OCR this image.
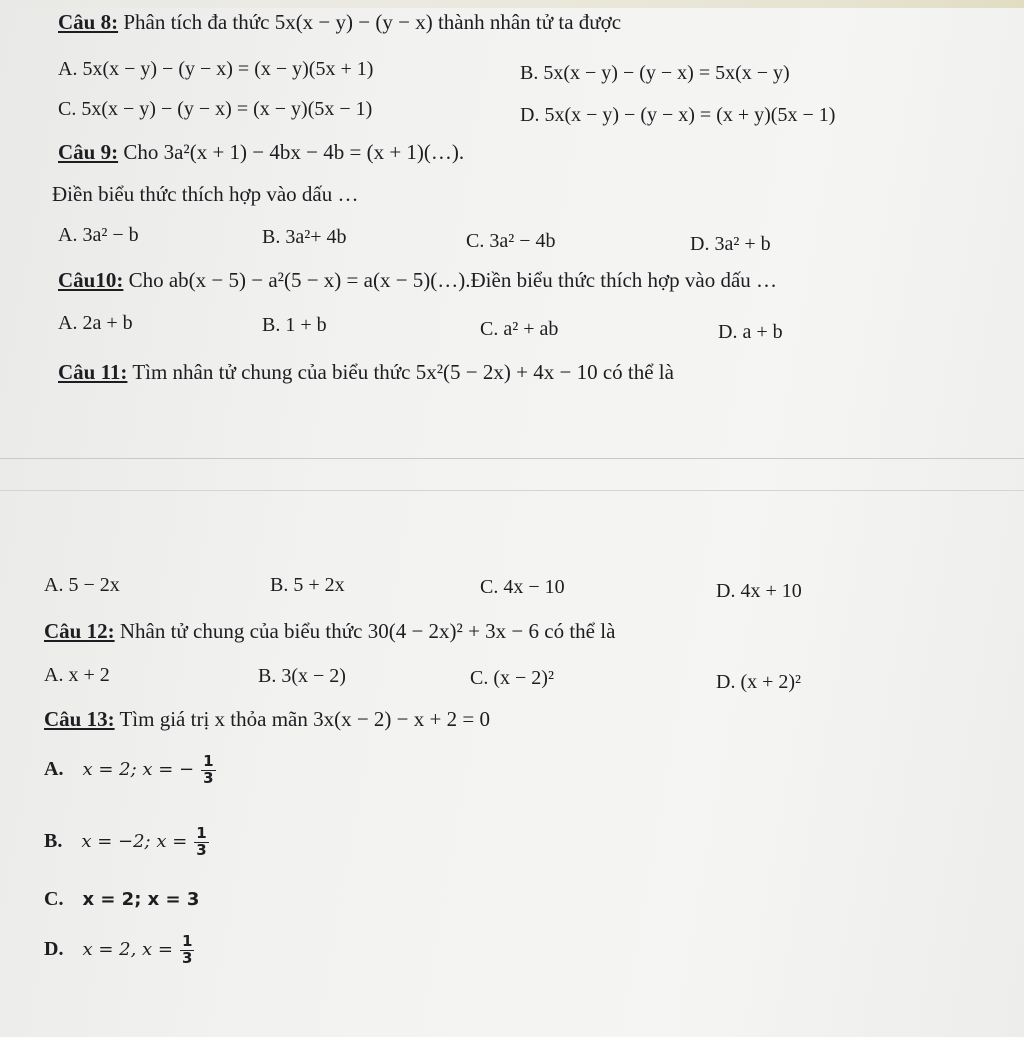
Câu 8: Phân tích đa thức 5x(x − y) − (y − x) thành nhân tử ta được
A. 5x(x − y) − (y − x) = (x − y)(5x + 1)	B. 5x(x − y) − (y − x) = 5x(x − y)
C. 5x(x − y) − (y − x) = (x − y)(5x − 1)	D. 5x(x − y) − (y − x) = (x + y)(5x − 1)
Câu 9: Cho 3a²(x + 1) − 4bx − 4b = (x + 1)(…).
Điền biểu thức thích hợp vào dấu …
A. 3a² − b	B. 3a²+ 4b	C. 3a² − 4b	D. 3a² + b
Câu10: Cho ab(x − 5) − a²(5 − x) = a(x − 5)(…).Điền biểu thức thích hợp vào dấu …
A. 2a + b	B. 1 + b	C. a² + ab	D. a + b
Câu 11: Tìm nhân tử chung của biểu thức 5x²(5 − 2x) + 4x − 10 có thể là
A. 5 − 2x	B. 5 + 2x	C. 4x − 10	D. 4x + 10
Câu 12: Nhân tử chung của biểu thức 30(4 − 2x)² + 3x − 6 có thể là
A. x + 2	B. 3(x − 2)	C. (x − 2)²	D. (x + 2)²
Câu 13: Tìm giá trị x thỏa mãn 3x(x − 2) − x + 2 = 0
A. x = 2; x = − $\frac{1}{3}$
B. x = −2; $x = \frac{1}{3}$
C. x = 2; x = 3
D. x = 2, $x = \frac{1}{3}$
